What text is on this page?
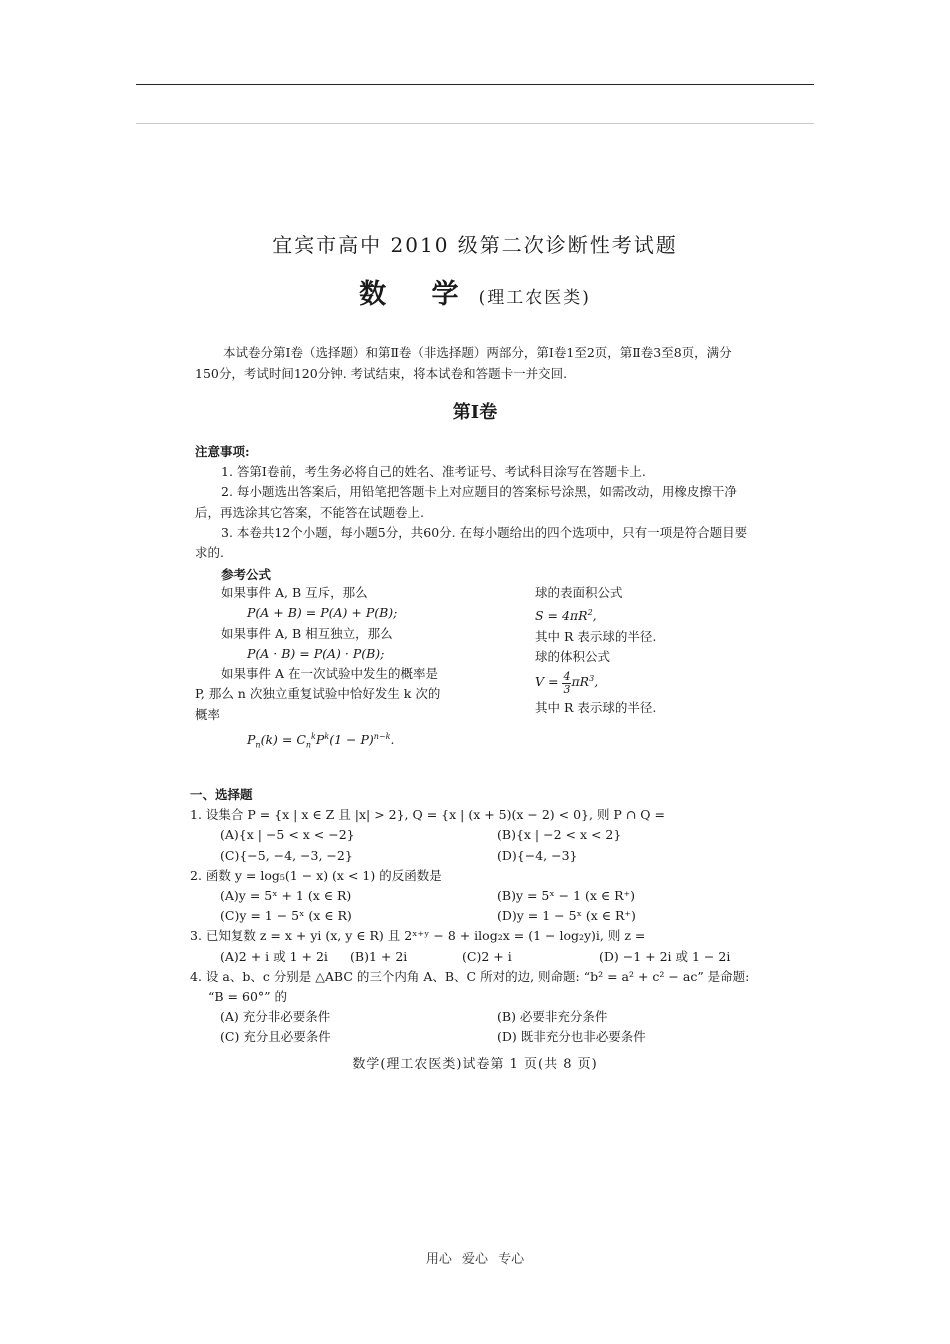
宜宾市高中 2010 级第二次诊断性考试题
数 学 (理工农医类)
本试卷分第Ⅰ卷（选择题）和第Ⅱ卷（非选择题）两部分，第Ⅰ卷1至2页，第Ⅱ卷3至8页，满分150分，考试时间120分钟. 考试结束，将本试卷和答题卡一并交回.
第Ⅰ卷
注意事项:
1. 答第Ⅰ卷前，考生务必将自己的姓名、准考证号、考试科目涂写在答题卡上.
2. 每小题选出答案后，用铅笔把答题卡上对应题目的答案标号涂黑，如需改动，用橡皮擦干净后，再选涂其它答案，不能答在试题卷上.
3. 本卷共12个小题，每小题5分，共60分. 在每小题给出的四个选项中，只有一项是符合题目要求的.
参考公式
如果事件 A, B 互斥，那么
P(A + B) = P(A) + P(B);
如果事件 A, B 相互独立，那么
P(A · B) = P(A) · P(B);
如果事件 A 在一次试验中发生的概率是
P, 那么 n 次独立重复试验中恰好发生 k 次的
概率
$P_n(k) = C_n^kP^k(1 - P)^{n-k}$.
球的表面积公式
$S = 4\pi R^2$,
其中 R 表示球的半径.
球的体积公式
$V = \frac{4}{3} \pi R^3$,
其中 R 表示球的半径.
一、选择题
1. 设集合 P = {x | x ∈ Z 且 |x| > 2}, Q = {x | (x + 5)(x − 2) < 0}, 则 P ∩ Q =
(A){x | −5 < x < −2}	(B){x | −2 < x < 2}
(C){−5, −4, −3, −2}	(D){−4, −3}
2. 函数 y = log₅(1 − x) (x < 1) 的反函数是
(A)y = 5ˣ + 1 (x ∈ R)	(B)y = 5ˣ − 1 (x ∈ R⁺)
(C)y = 1 − 5ˣ (x ∈ R)	(D)y = 1 − 5ˣ (x ∈ R⁺)
3. 已知复数 z = x + yi (x, y ∈ R) 且 2ˣ⁺ʸ − 8 + ilog₂x = (1 − log₂y)i, 则 z =
(A)2 + i 或 1 + 2i	(B)1 + 2i	(C)2 + i	(D) −1 + 2i 或 1 − 2i
4. 设 a、b、c 分别是 △ABC 的三个内角 A、B、C 所对的边, 则命题: “b² = a² + c² − ac” 是命题:
“B = 60°” 的
(A) 充分非必要条件	(B) 必要非充分条件
(C) 充分且必要条件	(D) 既非充分也非必要条件
数学(理工农医类)试卷第 1 页(共 8 页)
用心 爱心 专心
